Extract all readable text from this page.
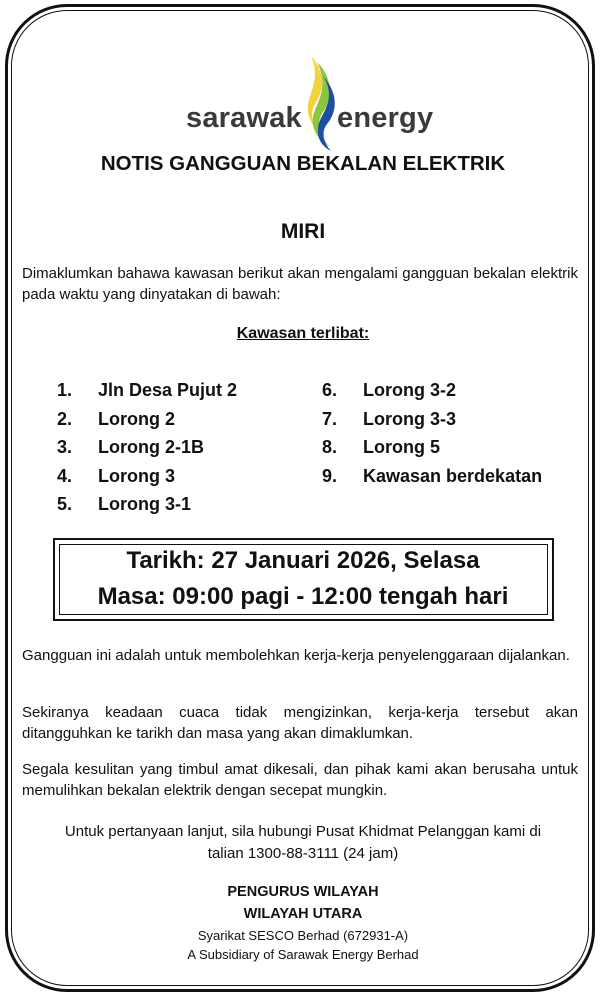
sarawak energy
NOTIS GANGGUAN BEKALAN ELEKTRIK
MIRI
Dimaklumkan bahawa kawasan berikut akan mengalami gangguan bekalan elektrik pada waktu yang dinyatakan di bawah:
Kawasan terlibat:
1.	Jln Desa Pujut 2
2.	Lorong 2
3.	Lorong 2-1B
4.	Lorong 3
5.	Lorong 3-1
6.	Lorong 3-2
7.	Lorong 3-3
8.	Lorong 5
9.	Kawasan berdekatan
Tarikh: 27 Januari 2026, Selasa
Masa: 09:00 pagi - 12:00 tengah hari
Gangguan ini adalah untuk membolehkan kerja-kerja penyelenggaraan dijalankan.
Sekiranya keadaan cuaca tidak mengizinkan, kerja-kerja tersebut akan ditangguhkan ke tarikh dan masa yang akan dimaklumkan.
Segala kesulitan yang timbul amat dikesali, dan pihak kami akan berusaha untuk memulihkan bekalan elektrik dengan secepat mungkin.
Untuk pertanyaan lanjut, sila hubungi Pusat Khidmat Pelanggan kami di
talian 1300-88-3111 (24 jam)
PENGURUS WILAYAH
WILAYAH UTARA
Syarikat SESCO Berhad (672931-A)
A Subsidiary of Sarawak Energy Berhad
